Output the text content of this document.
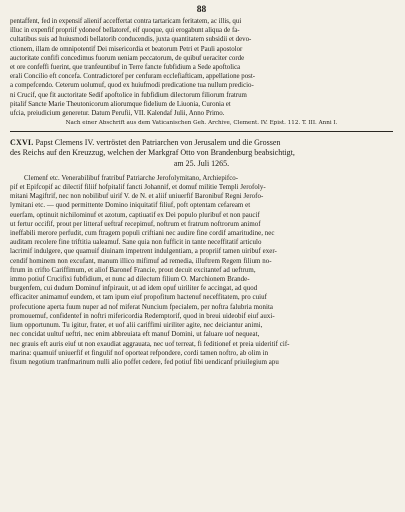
88
pentaffent, fed in expensif alienif acceffertat contra tartaricam feritatem, ac illis, qui
illuc in expenfif propriif ydoneof bellatoref, eif quoque, qui erogabunt aliqua de fa-
cultatibus suis ad huiusmodi bellatorib conducendis, juxta quantitatem subsidii et devo-
ctionem, illam de omnipotentif Dei misericordia et beatorum Petri et Pauli apostolor
auctoritate confifi concedimus fuorum ueniam peccatorum, de quibuf ueraciter corde
et ore confeffi fuerint, que tranfeuntibuf in Terre fancte fubfidium a Sede apoftolica
erali Concilio eft concefa. Contradictoref per cenfuram ecclefiafticam, appellatione post-
a compefcendo. Ceterum uolumuf, quod ex huiufmodi predicatione tua nullum predicio-
ni Crucif, que fit auctoritate Sedif apoftolice in fubfidium dilectorum filiorum fratrum
pitalif Sancte Marie Theutonicorum aliorumque fidelium de Liuonia, Curonia et
ufcia, preiudicium generetur. Datum Perufii, VII. Kalendaf Julii, Anno Primo.
Nach einer Abschrift aus dem Vaticanischen Geh. Archive, Clement. IV. Epist. 112. T. III. Anni I.
CXVI. Papst Clemens IV. vertröstet den Patriarchen von Jerusalem und die Grossen
des Reichs auf den Kreuzzug, welchen der Markgraf Otto von Brandenburg beabsichtigt,
am 25. Juli 1265.
Clemenf etc. Venerabilibuf fratribuf Patriarche Jerofolymitano, Archiepifco-
pif et Epifcopif ac dilectif filiif hofpitalif fancti Johannif, et domuf militie Templi Jerofoly-
mitani Magiftrif, nec non nobilibuf uirif V. de N. et aliif uniuerfif Baronibuf Regni Jerofo-
lymitani etc. — quod permittente Domino iniquitatif filiuf, poft optentam cefaream et
euerfam, optinuit nichilominuf et azotum, captiuatif ex Dei populo pluribuf et non paucif
ut fertur occifif, prout per litteraf ueftraf recepimuf, noftrum et fratrum noftrorum animof
ineffabili merore perfudit, cum ftragem populi criftiani nec audire fine cordif amaritudine, nec
auditam recolere fine triftitia ualeamuf. Sane quia non fufficit in tante neceffitatif articulo
lacrimif indulgere, que quamuif diuinam impetrent indulgentiam, a propriif tamen uiribuf exer-
cendif hominem non excufant, manum illico mifimuf ad remedia, illuftrem Regem filium no-
ftrum in crifto Cariffimum, et aliof Baronef Francie, prout decuit excitantef ad ueftrum,
immo potiuf Crucifixi fubfidium, et nunc ad dilectum filium O. Marchionem Brande-
burgenfem, cui dudum Dominuf infpirauit, ut ad idem opuf uiriliter fe accingat, ad quod
efficaciter animamuf eundem, et tam ipum eiuf propofitum hactenuf neceffitatem, pro cuiuf
profecutione aperta fuum nuper ad nof miferat Nuncium fpecialem, per noftra falubria monita
promouemuf, confidentef in noftri mifericordia Redemptorif, quod in breui uideobif eiuf auxi-
lium opportunum. Tu igitur, frater, et uof alii cariffimi uiriliter agite, nec deiciantur animi,
nec concidat uultuf ueftri, nec enim abbreuiata eft manuf Domini, ut faluare uof nequeat,
nec grauis eft auris eiuf ut non exaudiat aggrauata, nec uof terreat, fi feditionef et preia uideritif cif-
marina: quamuif uniuerfif et fingulif nof oporteat refpondere, cordi tamen noftro, ab olim in
fixum negotium tranfmarinum nulli alio poffet cedere, fed potiuf fibi uendicanf priuilegium apu
